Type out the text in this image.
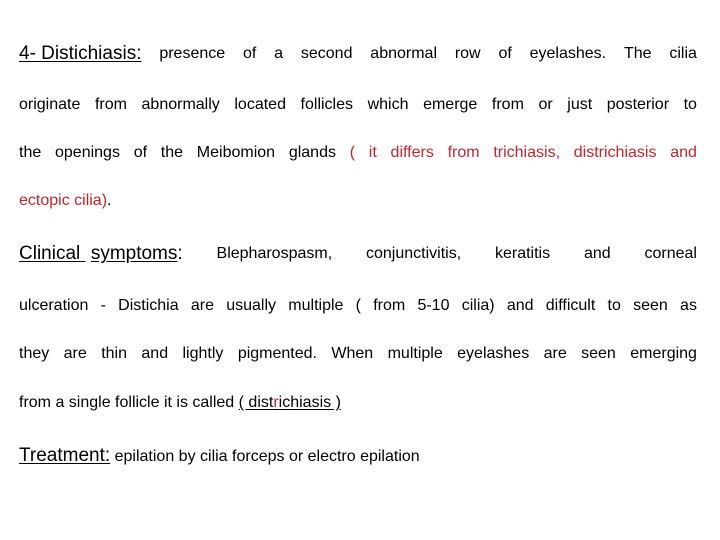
4- Distichiasis: presence of a second abnormal row of eyelashes. The cilia
originate from abnormally located follicles which emerge from or just posterior to
the openings of the Meibomion glands ( it differs from trichiasis, districhiasis and
ectopic cilia).
Clinical symptoms: Blepharospasm, conjunctivitis, keratitis and corneal
ulceration - Distichia are usually multiple ( from 5-10 cilia) and difficult to seen as
they are thin and lightly pigmented. When multiple eyelashes are seen emerging
from a single follicle it is called ( districhiasis )
Treatment: epilation by cilia forceps or electro epilation
